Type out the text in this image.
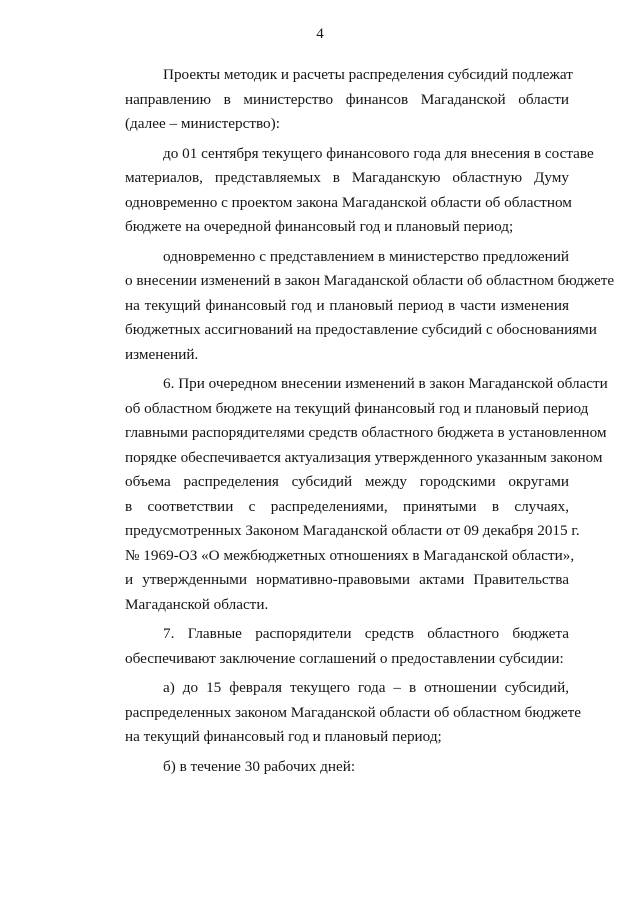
4
Проекты методик и расчеты распределения субсидий подлежат
направлению в министерство финансов Магаданской области
(далее – министерство):
до 01 сентября текущего финансового года для внесения в составе
материалов, представляемых в Магаданскую областную Думу
одновременно с проектом закона Магаданской области об областном
бюджете на очередной финансовый год и плановый период;
одновременно с представлением в министерство предложений
о внесении изменений в закон Магаданской области об областном бюджете
на текущий финансовый год и плановый период в части изменения
бюджетных ассигнований на предоставление субсидий с обоснованиями
изменений.
6. При очередном внесении изменений в закон Магаданской области
об областном бюджете на текущий финансовый год и плановый период
главными распорядителями средств областного бюджета в установленном
порядке обеспечивается актуализация утвержденного указанным законом
объема распределения субсидий между городскими округами
в соответствии с распределениями, принятыми в случаях,
предусмотренных Законом Магаданской области от 09 декабря 2015 г.
№ 1969-ОЗ «О межбюджетных отношениях в Магаданской области»,
и утвержденными нормативно-правовыми актами Правительства
Магаданской области.
7. Главные распорядители средств областного бюджета
обеспечивают заключение соглашений о предоставлении субсидии:
а) до 15 февраля текущего года – в отношении субсидий,
распределенных законом Магаданской области об областном бюджете
на текущий финансовый год и плановый период;
б) в течение 30 рабочих дней:
